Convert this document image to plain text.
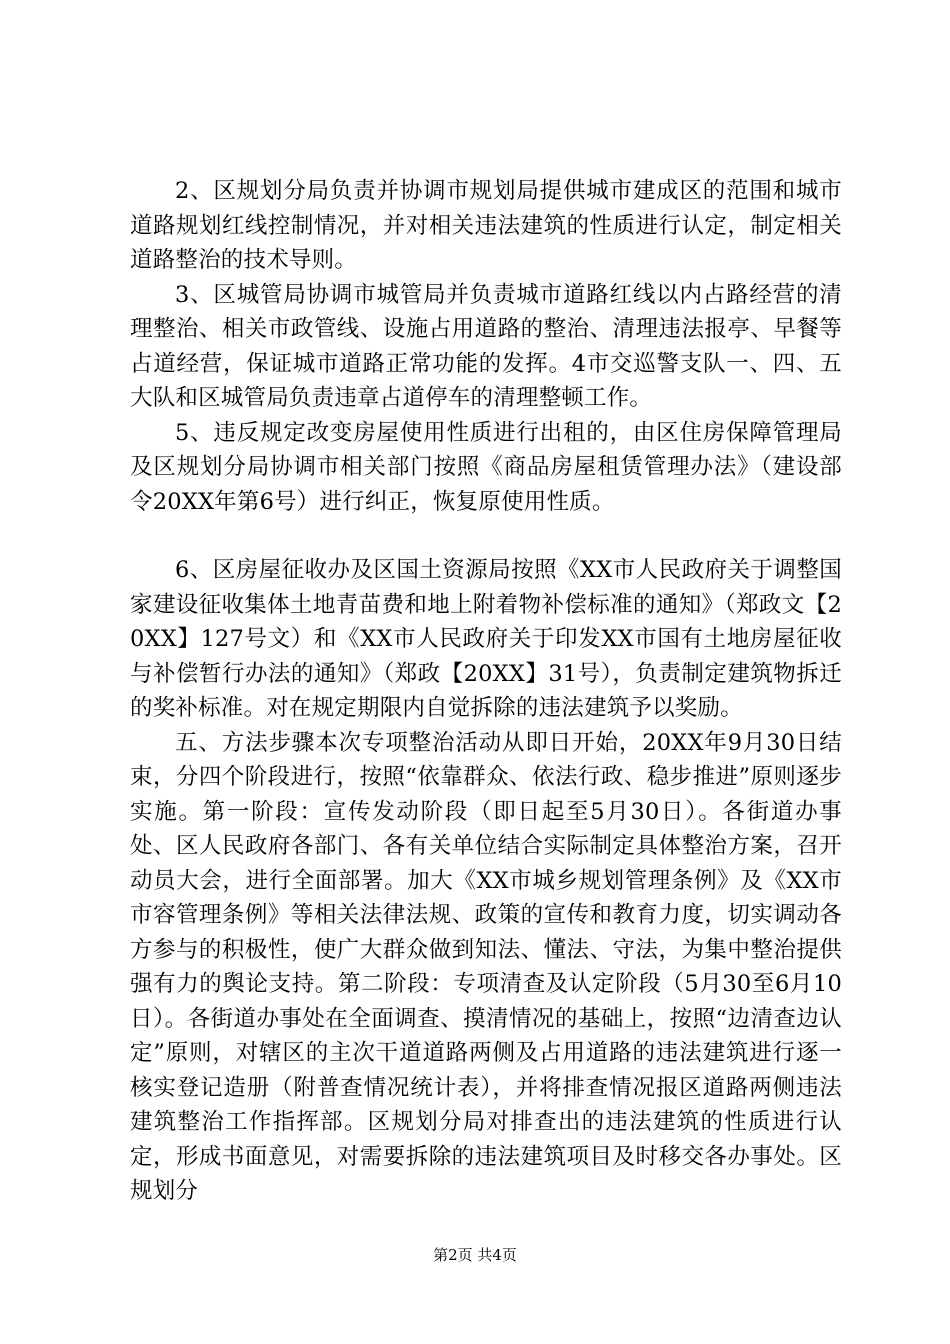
2、区规划分局负责并协调市规划局提供城市建成区的范围和城市道路规划红线控制情况，并对相关违法建筑的性质进行认定，制定相关道路整治的技术导则。

3、区城管局协调市城管局并负责城市道路红线以内占路经营的清理整治、相关市政管线、设施占用道路的整治、清理违法报亭、早餐等占道经营，保证城市道路正常功能的发挥。4市交巡警支队一、四、五大队和区城管局负责违章占道停车的清理整顿工作。

5、违反规定改变房屋使用性质进行出租的，由区住房保障管理局及区规划分局协调市相关部门按照《商品房屋租赁管理办法》（建设部令20XX年第6号）进行纠正，恢复原使用性质。

6、区房屋征收办及区国土资源局按照《XX市人民政府关于调整国家建设征收集体土地青苗费和地上附着物补偿标准的通知》（郑政文【20XX】127号文）和《XX市人民政府关于印发XX市国有土地房屋征收与补偿暂行办法的通知》（郑政【20XX】31号），负责制定建筑物拆迁的奖补标准。对在规定期限内自觉拆除的违法建筑予以奖励。

五、方法步骤本次专项整治活动从即日开始，20XX年9月30日结束，分四个阶段进行，按照“依靠群众、依法行政、稳步推进”原则逐步实施。第一阶段：宣传发动阶段（即日起至5月30日）。各街道办事处、区人民政府各部门、各有关单位结合实际制定具体整治方案，召开动员大会，进行全面部署。加大《XX市城乡规划管理条例》及《XX市市容管理条例》等相关法律法规、政策的宣传和教育力度，切实调动各方参与的积极性，使广大群众做到知法、懂法、守法，为集中整治提供强有力的舆论支持。第二阶段：专项清查及认定阶段（5月30至6月10日）。各街道办事处在全面调查、摸清情况的基础上，按照“边清查边认定”原则，对辖区的主次干道道路两侧及占用道路的违法建筑进行逐一核实登记造册（附普查情况统计表），并将排查情况报区道路两侧违法建筑整治工作指挥部。区规划分局对排查出的违法建筑的性质进行认定，形成书面意见，对需要拆除的违法建筑项目及时移交各办事处。区规划分

第2页 共4页
